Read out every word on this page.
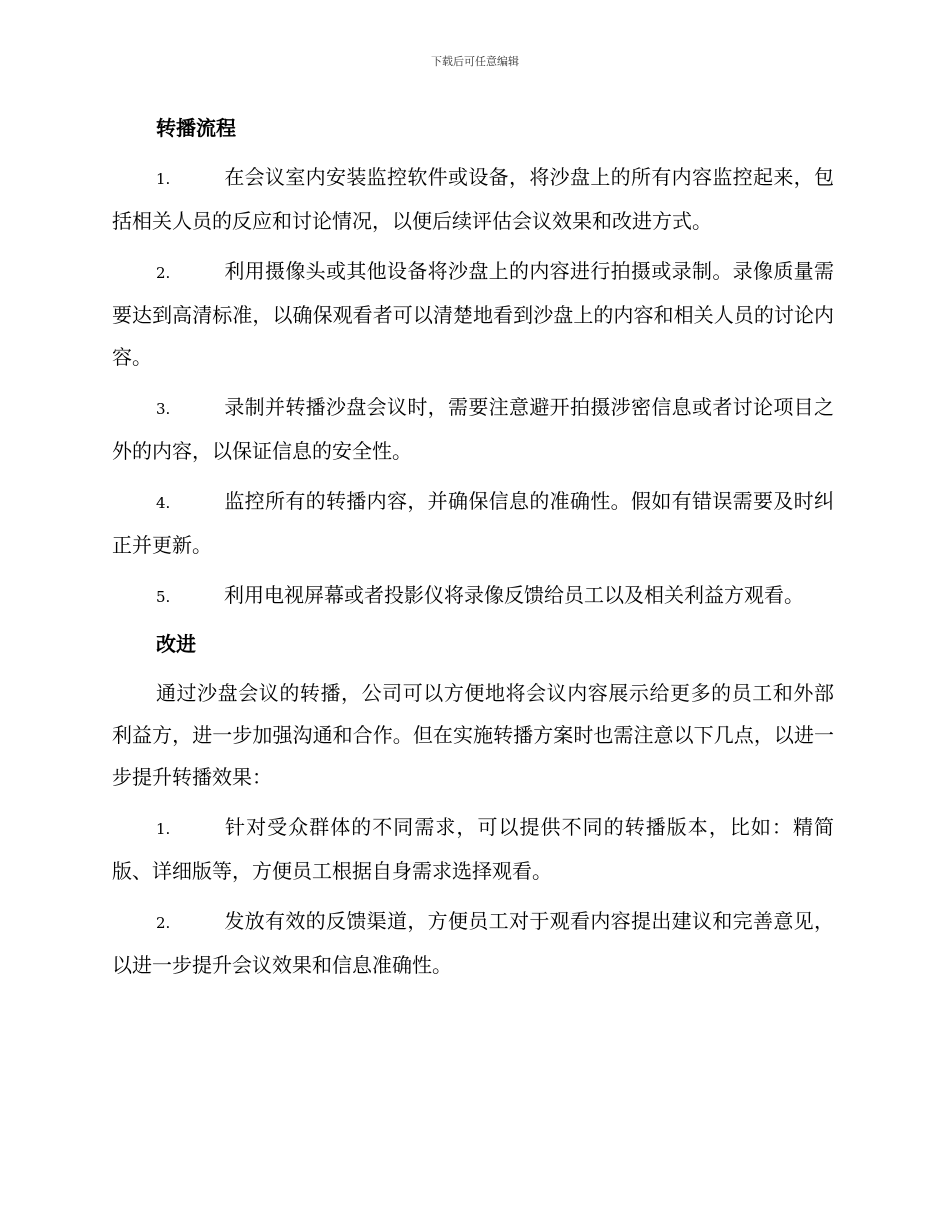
下载后可任意编辑
转播流程

1.	在会议室内安装监控软件或设备，将沙盘上的所有内容监控起来，包括相关人员的反应和讨论情况，以便后续评估会议效果和改进方式。

2.	利用摄像头或其他设备将沙盘上的内容进行拍摄或录制。录像质量需要达到高清标准，以确保观看者可以清楚地看到沙盘上的内容和相关人员的讨论内容。

3.	录制并转播沙盘会议时，需要注意避开拍摄涉密信息或者讨论项目之外的内容，以保证信息的安全性。

4.	监控所有的转播内容，并确保信息的准确性。假如有错误需要及时纠正并更新。

5.	利用电视屏幕或者投影仪将录像反馈给员工以及相关利益方观看。

改进

通过沙盘会议的转播，公司可以方便地将会议内容展示给更多的员工和外部利益方，进一步加强沟通和合作。但在实施转播方案时也需注意以下几点，以进一步提升转播效果：

1.	针对受众群体的不同需求，可以提供不同的转播版本，比如：精简版、详细版等，方便员工根据自身需求选择观看。

2.	发放有效的反馈渠道，方便员工对于观看内容提出建议和完善意见，以进一步提升会议效果和信息准确性。
